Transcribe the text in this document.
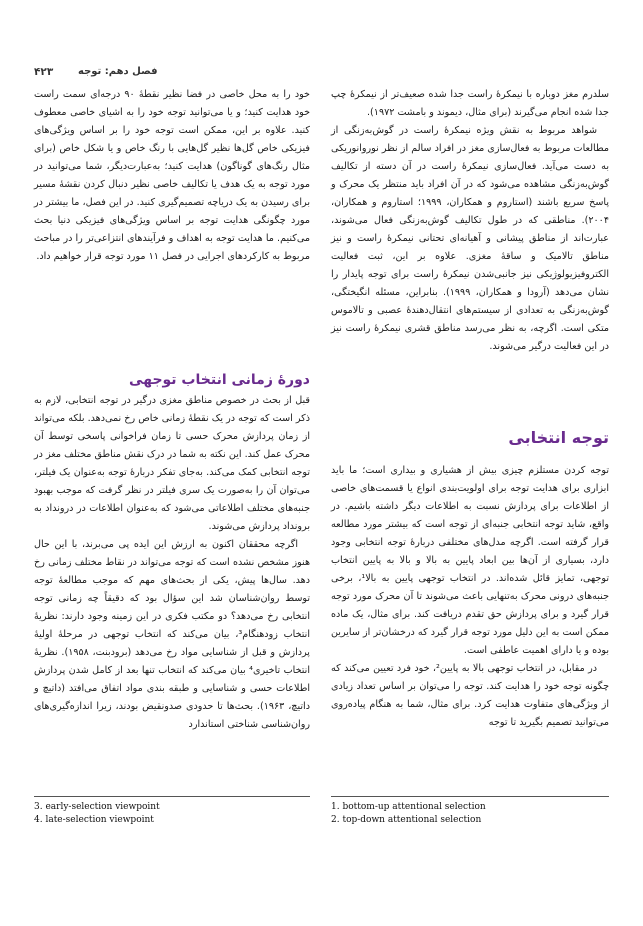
۴۲۳ فصل دهم: توجه

سلدرم مغز دوباره با نیمکرهٔ راست جدا شده صعیف‌تر از نیمکرهٔ چپ جدا شده انجام می‌گیرند (برای مثال، دیموند و بامشت ۱۹۷۲).

شواهد مربوط به نقش ویژه نیمکرهٔ راست در گوش‌به‌زنگی از مطالعات مربوط به فعال‌سازی مغز در افراد سالم از نظر نوروانوریکی به دست می‌آید. فعال‌سازی نیمکرهٔ راست در آن دسته از تکالیف گوش‌به‌زنگی مشاهده می‌شود که در آن افراد باید منتظر یک محرک و پاسخ سریع باشند (استاروم و همکاران، ۱۹۹۹؛ استاروم و همکاران، ۲۰۰۴). مناطقی که در طول تکالیف گوش‌به‌زنگی فعال می‌شوند، عبارت‌اند از مناطق پیشانی و آهیانه‌ای تحتانی نیمکرهٔ راست و نیز مناطق تالامیک و ساقهٔ مغزی. علاوه بر این، ثبت فعالیت الکتروفیزیولوژیکی نیز جانبی‌شدن نیمکرهٔ راست برای توجه پایدار را نشان می‌دهد (آرودا و همکاران، ۱۹۹۹). بنابراین، مسئله انگیختگی، گوش‌به‌زنگی به تعدادی از سیستم‌های انتقال‌دهندهٔ عصبی و تالاموس متکی است. اگرچه، به نظر می‌رسد مناطق قشری نیمکرهٔ راست نیز در این فعالیت درگیر می‌شوند.

توجه انتخابی

توجه کردن مستلزم چیزی بیش از هشیاری و بیداری است؛ ما باید ابزاری برای هدایت توجه برای اولویت‌بندی انواع یا قسمت‌های خاصی از اطلاعات برای پردازش نسبت به اطلاعات دیگر داشته باشیم. در واقع، شاید توجه انتخابی جنبه‌ای از توجه است که بیشتر مورد مطالعه قرار گرفته است. اگرچه مدل‌های مختلفی دربارهٔ توجه انتخابی وجود دارد، بسیاری از آن‌ها بین ابعاد پایین به بالا و بالا به پایین انتخاب توجهی، تمایز قائل شده‌اند. در انتخاب توجهی پایین به بالا¹، برخی جنبه‌های درونی محرک به‌تنهایی باعث می‌شوند تا آن محرک مورد توجه قرار گیرد و برای پردازش حق تقدم دریافت کند. برای مثال، یک ماده ممکن است به این دلیل مورد توجه قرار گیرد که درخشان‌تر از سایرین بوده و یا دارای اهمیت عاطفی است.

در مقابل، در انتخاب توجهی بالا به پایین²، خود فرد تعیین می‌کند که چگونه توجه خود را هدایت کند. توجه را می‌توان بر اساس تعداد زیادی از ویژگی‌های متفاوت هدایت کرد. برای مثال، شما به هنگام پیاده‌روی می‌توانید تصمیم بگیرید تا توجه

خود را به محل خاصی در فضا نظیر نقطهٔ ۹۰ درجه‌ای سمت راست خود هدایت کنید؛ و یا می‌توانید توجه خود را به اشیای خاصی معطوف کنید. علاوه بر این، ممکن است توجه خود را بر اساس ویژگی‌های فیزیکی خاص گل‌ها نظیر گل‌هایی با رنگ خاص و یا شکل خاص (برای مثال رنگ‌های گوناگون) هدایت کنید؛ به‌عبارت‌دیگر، شما می‌توانید در مورد توجه به یک هدف یا تکالیف خاصی نظیر دنبال کردن نقشهٔ مسیر برای رسیدن به یک دریاچه تصمیم‌گیری کنید. در این فصل، ما بیشتر در مورد چگونگی هدایت توجه بر اساس ویژگی‌های فیزیکی دنیا بحث می‌کنیم. ما هدایت توجه به اهداف و فرآیندهای انتزاعی‌تر را در مباحث مربوط به کارکردهای اجرایی در فصل ۱۱ مورد توجه قرار خواهیم داد.

دورهٔ زمانی انتخاب توجهی

قبل از بحث در خصوص مناطق مغزی درگیر در توجه انتخابی، لازم به ذکر است که توجه در یک نقطهٔ زمانی خاص رخ نمی‌دهد. بلکه می‌تواند از زمان پردازش محرک حسی تا زمان فراخوانی پاسخی توسط آن محرک عمل کند. این نکته به شما در درک نقش مناطق مختلف مغز در توجه انتخابی کمک می‌کند. به‌جای تفکر دربارهٔ توجه به‌عنوان یک فیلتر، می‌توان آن را به‌صورت یک سری فیلتر در نظر گرفت که موجب بهبود جنبه‌های مختلف اطلاعاتی می‌شود که به‌عنوان اطلاعات در درونداد به برونداد پردازش می‌شوند.

اگرچه محققان اکنون به ارزش این ایده پی می‌برند، با این حال هنوز مشخص نشده است که توجه می‌تواند در نقاط مختلف زمانی رخ دهد. سال‌ها پیش، یکی از بحث‌های مهم که موجب مطالعهٔ توجه توسط روان‌شناسان شد این سؤال بود که دقیقاً چه زمانی توجه انتخابی رخ می‌دهد؟ دو مکتب فکری در این زمینه وجود دارند: نظریهٔ انتخاب زودهنگام³، بیان می‌کند که انتخاب توجهی در مرحلهٔ اولیهٔ پردازش و قبل از شناسایی مواد رخ می‌دهد (برودبنت، ۱۹۵۸). نظریهٔ انتخاب تاخیری⁴ بیان می‌کند که انتخاب تنها بعد از کامل شدن پردازش اطلاعات حسی و شناسایی و طبقه بندی مواد اتفاق می‌افتد (داتیچ و داتیچ، ۱۹۶۳). بحث‌ها تا حدودی صدونقیض بودند، زیرا اندازه‌گیری‌های روان‌شناسی شناختی استاندارد

3. early-selection viewpoint
4. late-selection viewpoint
1. bottom-up attentional selection
2. top-down attentional selection
